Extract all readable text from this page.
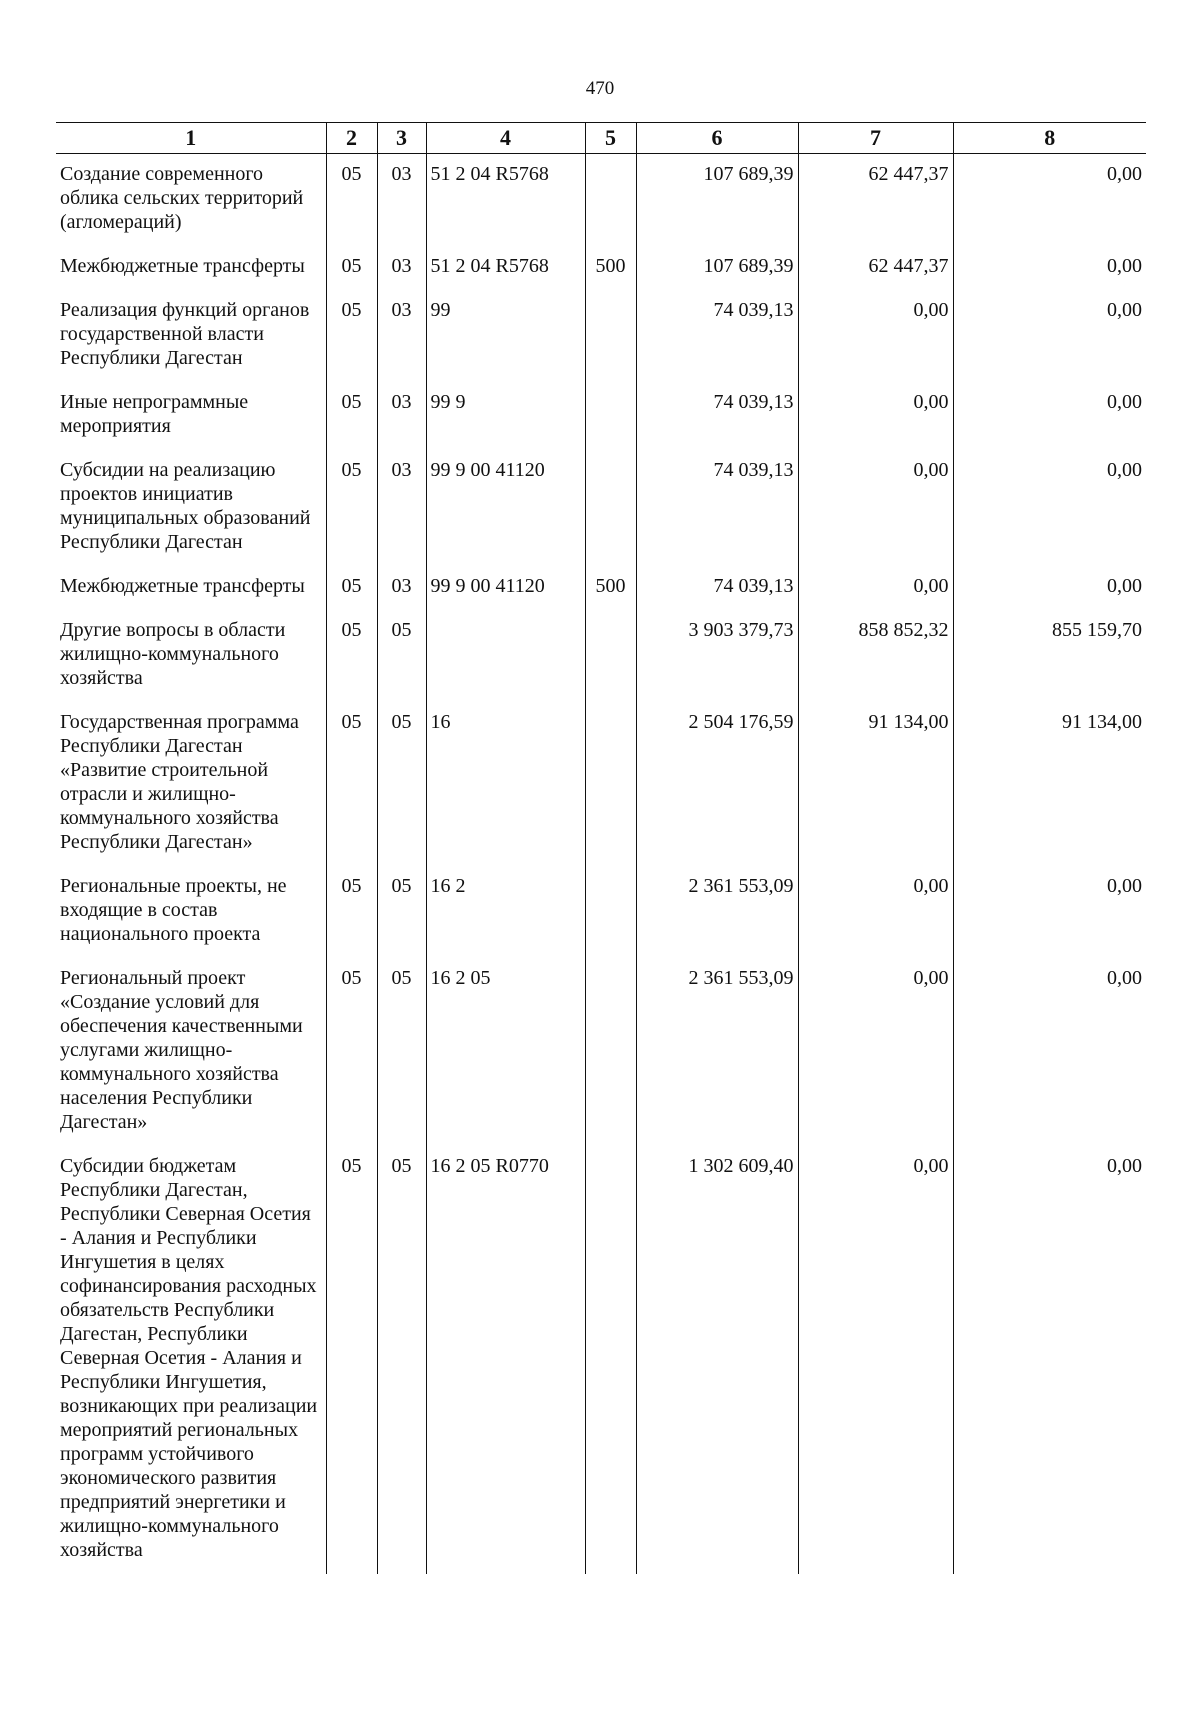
470
1	2	3	4	5	6	7	8
Создание современного облика сельских территорий (агломераций)	05	03	51 2 04 R5768		107 689,39	62 447,37	0,00
Межбюджетные трансферты	05	03	51 2 04 R5768	500	107 689,39	62 447,37	0,00
Реализация функций органов государственной власти Республики Дагестан	05	03	99		74 039,13	0,00	0,00
Иные непрограммные мероприятия	05	03	99 9		74 039,13	0,00	0,00
Субсидии на реализацию проектов инициатив муниципальных образований Республики Дагестан	05	03	99 9 00 41120		74 039,13	0,00	0,00
Межбюджетные трансферты	05	03	99 9 00 41120	500	74 039,13	0,00	0,00
Другие вопросы в области жилищно-коммунального хозяйства	05	05			3 903 379,73	858 852,32	855 159,70
Государственная программа Республики Дагестан «Развитие строительной отрасли и жилищно-коммунального хозяйства Республики Дагестан»	05	05	16		2 504 176,59	91 134,00	91 134,00
Региональные проекты, не входящие в состав национального проекта	05	05	16 2		2 361 553,09	0,00	0,00
Региональный проект «Создание условий для обеспечения качественными услугами жилищно-коммунального хозяйства населения Республики Дагестан»	05	05	16 2 05		2 361 553,09	0,00	0,00
Субсидии бюджетам Республики Дагестан, Республики Северная Осетия - Алания и Республики Ингушетия в целях софинансирования расходных обязательств Республики Дагестан, Республики Северная Осетия - Алания и Республики Ингушетия, возникающих при реализации мероприятий региональных программ устойчивого экономического развития предприятий энергетики и жилищно-коммунального хозяйства	05	05	16 2 05 R0770		1 302 609,40	0,00	0,00
